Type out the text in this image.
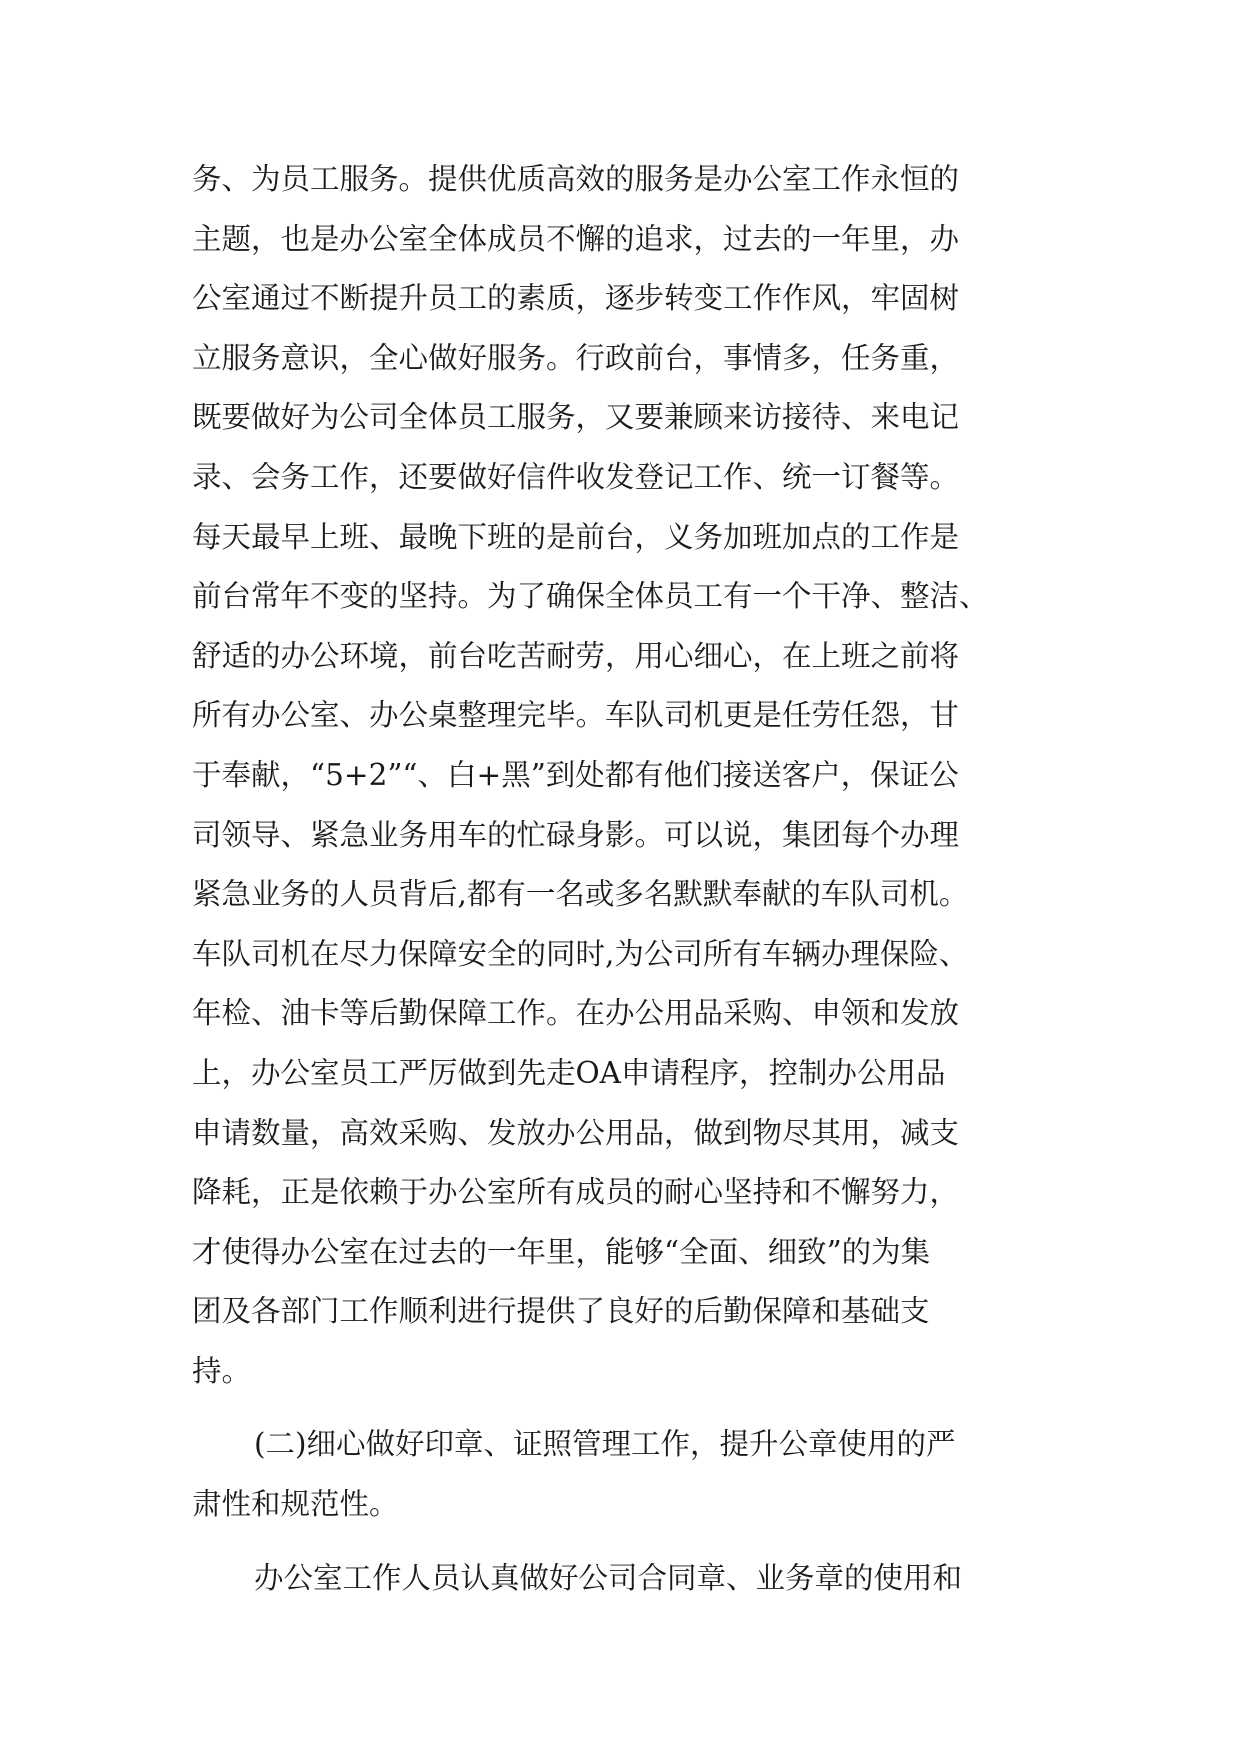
务、为员工服务。提供优质高效的服务是办公室工作永恒的
主题，也是办公室全体成员不懈的追求，过去的一年里，办
公室通过不断提升员工的素质，逐步转变工作作风，牢固树
立服务意识，全心做好服务。行政前台，事情多，任务重，
既要做好为公司全体员工服务，又要兼顾来访接待、来电记
录、会务工作，还要做好信件收发登记工作、统一订餐等。
每天最早上班、最晚下班的是前台，义务加班加点的工作是
前台常年不变的坚持。为了确保全体员工有一个干净、整洁、
舒适的办公环境，前台吃苦耐劳，用心细心，在上班之前将
所有办公室、办公桌整理完毕。车队司机更是任劳任怨，甘
于奉献，“5+2”“、白+黑”到处都有他们接送客户，保证公
司领导、紧急业务用车的忙碌身影。可以说，集团每个办理
紧急业务的人员背后,都有一名或多名默默奉献的车队司机。
车队司机在尽力保障安全的同时,为公司所有车辆办理保险、
年检、油卡等后勤保障工作。在办公用品采购、申领和发放
上，办公室员工严厉做到先走OA申请程序，控制办公用品
申请数量，高效采购、发放办公用品，做到物尽其用，减支
降耗，正是依赖于办公室所有成员的耐心坚持和不懈努力，
才使得办公室在过去的一年里，能够“全面、细致”的为集
团及各部门工作顺利进行提供了良好的后勤保障和基础支
持。
(二)细心做好印章、证照管理工作，提升公章使用的严
肃性和规范性。
办公室工作人员认真做好公司合同章、业务章的使用和
